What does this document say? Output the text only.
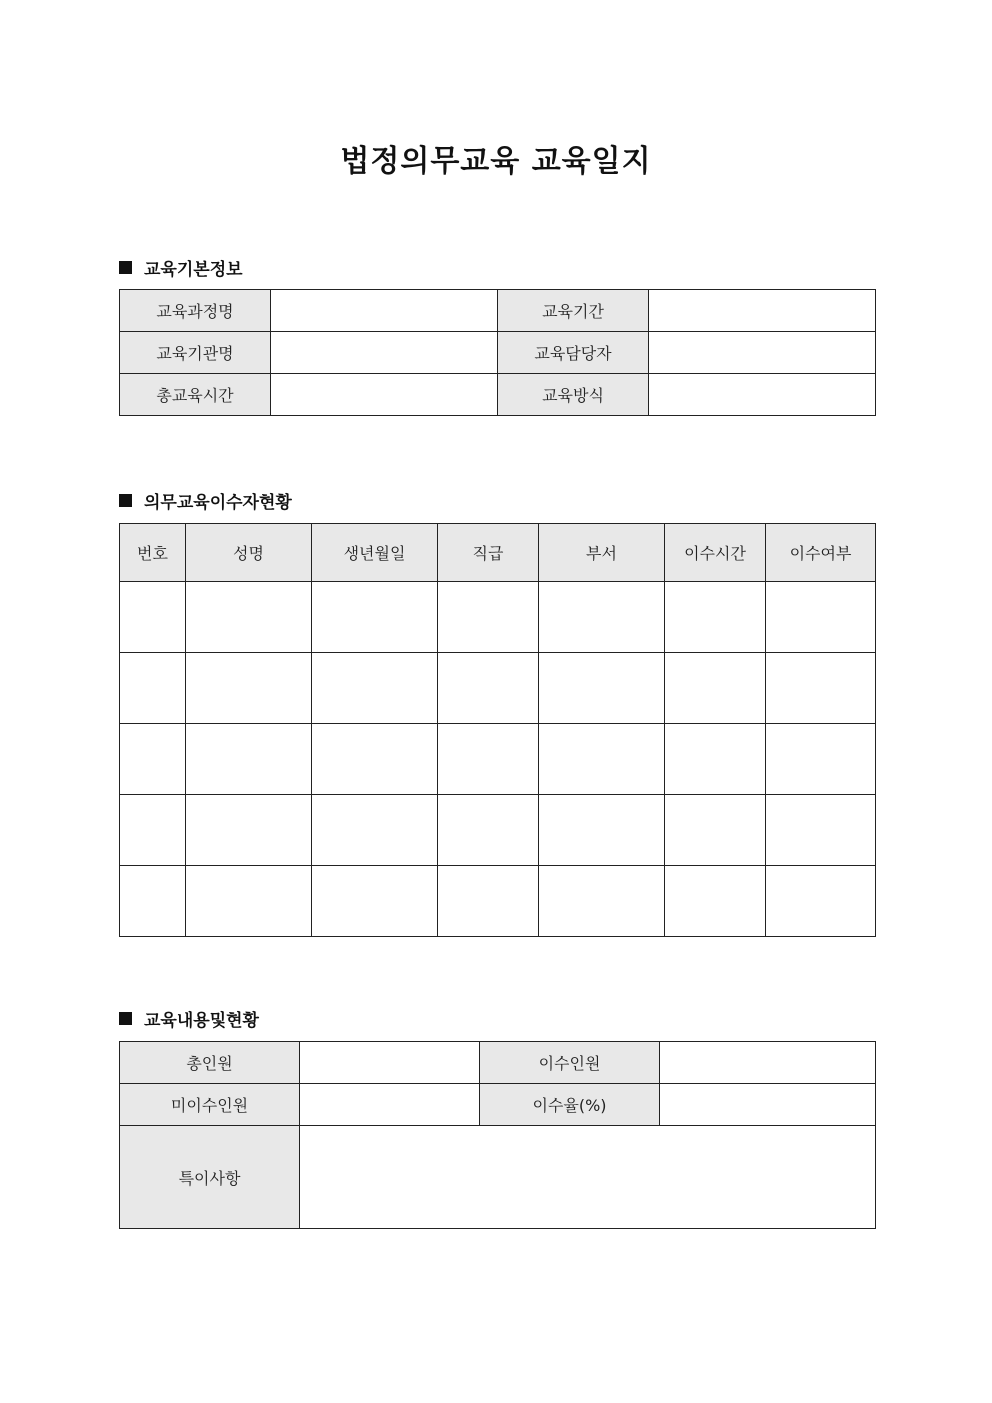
법정의무교육 교육일지
교육기본정보
교육과정명		교육기간	
교육기관명		교육담당자	
총교육시간		교육방식	
의무교육이수자현황
번호	성명	생년월일	직급	부서	이수시간	이수여부

교육내용및현황
총인원		이수인원	
미이수인원		이수율(%)	
특이사항			
